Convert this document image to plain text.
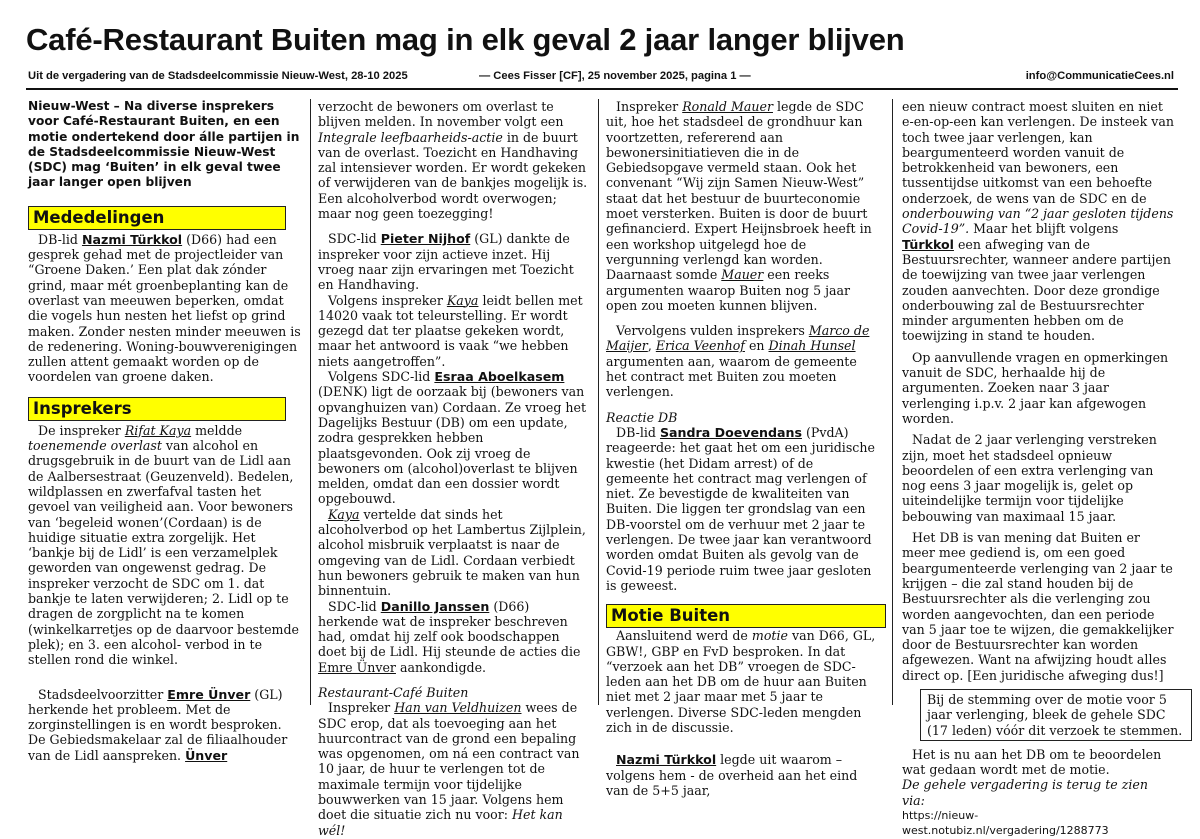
Café-Restaurant Buiten mag in elk geval 2 jaar langer blijven
Uit de vergadering van de Stadsdeelcommissie Nieuw-West, 28-10 2025	— Cees Fisser [CF], 25 november 2025, pagina 1 —	info@CommunicatieCees.nl

Nieuw-West – Na diverse insprekers voor Café-Restaurant Buiten, en een motie ondertekend door álle partijen in de Stadsdeelcommissie Nieuw-West (SDC) mag ‘Buiten’ in elk geval twee jaar langer open blijven

Mededelingen

DB-lid Nazmi Türkkol (D66) had een gesprek gehad met de projectleider van “Groene Daken.’ Een plat dak zónder grind, maar mét groenbeplanting kan de overlast van meeuwen beperken, omdat die vogels hun nesten het liefst op grind maken. Zonder nesten minder meeuwen is de redenering. Woning-bouwverenigingen zullen attent gemaakt worden op de voordelen van groene daken.

Insprekers

De inspreker Rifat Kaya meldde toenemende overlast van alcohol en drugsgebruik in de buurt van de Lidl aan de Aalbersestraat (Geuzenveld). Bedelen, wildplassen en zwerfafval tasten het gevoel van veiligheid aan. Voor bewoners van ‘begeleid wonen’(Cordaan) is de huidige situatie extra zorgelijk. Het ‘bankje bij de Lidl’ is een verzamelplek geworden van ongewenst gedrag. De inspreker verzocht de SDC om 1. dat bankje te laten verwijderen; 2. Lidl op te dragen de zorgplicht na te komen (winkelkarretjes op de daarvoor bestemde plek); en 3. een alcohol- verbod in te stellen rond die winkel.

Stadsdeelvoorzitter Emre Ünver (GL) herkende het probleem. Met de zorginstellingen is en wordt besproken. De Gebiedsmakelaar zal de filiaalhouder van de Lidl aanspreken. Ünver

verzocht de bewoners om overlast te blijven melden. In november volgt een Integrale leefbaarheids-actie in de buurt van de overlast. Toezicht en Handhaving zal intensiever worden. Er wordt gekeken of verwijderen van de bankjes mogelijk is. Een alcoholverbod wordt overwogen; maar nog geen toezegging!

SDC-lid Pieter Nijhof (GL) dankte de inspreker voor zijn actieve inzet. Hij vroeg naar zijn ervaringen met Toezicht en Handhaving.

Volgens inspreker Kaya leidt bellen met 14020 vaak tot teleurstelling. Er wordt gezegd dat ter plaatse gekeken wordt, maar het antwoord is vaak “we hebben niets aangetroffen”.

Volgens SDC-lid Esraa Aboelkasem (DENK) ligt de oorzaak bij (bewoners van opvanghuizen van) Cordaan. Ze vroeg het Dagelijks Bestuur (DB) om een update, zodra gesprekken hebben plaatsgevonden. Ook zij vroeg de bewoners om (alcohol)overlast te blijven melden, omdat dan een dossier wordt opgebouwd.

Kaya vertelde dat sinds het alcoholverbod op het Lambertus Zijlplein, alcohol misbruik verplaatst is naar de omgeving van de Lidl. Cordaan verbiedt hun bewoners gebruik te maken van hun binnentuin.

SDC-lid Danillo Janssen (D66) herkende wat de inspreker beschreven had, omdat hij zelf ook boodschappen doet bij de Lidl. Hij steunde de acties die Emre Ünver aankondigde.

Restaurant-Café Buiten

Inspreker Han van Veldhuizen wees de SDC erop, dat als toevoeging aan het huurcontract van de grond een bepaling was opgenomen, om ná een contract van 10 jaar, de huur te verlengen tot de maximale termijn voor tijdelijke bouwwerken van 15 jaar. Volgens hem doet die situatie zich nu voor: Het kan wél!

Inspreker Ronald Mauer legde de SDC uit, hoe het stadsdeel de grondhuur kan voortzetten, refererend aan bewonersinitiatieven die in de Gebiedsopgave vermeld staan. Ook het convenant “Wij zijn Samen Nieuw-West” staat dat het bestuur de buurteconomie moet versterken. Buiten is door de buurt gefinancierd. Expert Heijnsbroek heeft in een workshop uitgelegd hoe de vergunning verlengd kan worden. Daarnaast somde Mauer een reeks argumenten waarop Buiten nog 5 jaar open zou moeten kunnen blijven.

Vervolgens vulden insprekers Marco de Maijer, Erica Veenhof en Dinah Hunsel argumenten aan, waarom de gemeente het contract met Buiten zou moeten verlengen.

Reactie DB

DB-lid Sandra Doevendans (PvdA) reageerde: het gaat het om een juridische kwestie (het Didam arrest) of de gemeente het contract mag verlengen of niet. Ze bevestigde de kwaliteiten van Buiten. Die liggen ter grondslag van een DB-voorstel om de verhuur met 2 jaar te verlengen. De twee jaar kan verantwoord worden omdat Buiten als gevolg van de Covid-19 periode ruim twee jaar gesloten is geweest.

Motie Buiten

Aansluitend werd de motie van D66, GL, GBW!, GBP en FvD besproken. In dat “verzoek aan het DB” vroegen de SDC-leden aan het DB om de huur aan Buiten niet met 2 jaar maar met 5 jaar te verlengen. Diverse SDC-leden mengden zich in de discussie.

Nazmi Türkkol legde uit waarom – volgens hem - de overheid aan het eind van de 5+5 jaar,

een nieuw contract moest sluiten en niet e-en-op-een kan verlengen. De insteek van toch twee jaar verlengen, kan beargumenteerd worden vanuit de betrokkenheid van bewoners, een tussentijdse uitkomst van een behoefte onderzoek, de wens van de SDC en de onderbouwing van “2 jaar gesloten tijdens Covid-19”. Maar het blijft volgens Türkkol een afweging van de Bestuursrechter, wanneer andere partijen de toewijzing van twee jaar verlengen zouden aanvechten. Door deze grondige onderbouwing zal de Bestuursrechter minder argumenten hebben om de toewijzing in stand te houden.

Op aanvullende vragen en opmerkingen vanuit de SDC, herhaalde hij de argumenten. Zoeken naar 3 jaar verlenging i.p.v. 2 jaar kan afgewogen worden.

Nadat de 2 jaar verlenging verstreken zijn, moet het stadsdeel opnieuw beoordelen of een extra verlenging van nog eens 3 jaar mogelijk is, gelet op uiteindelijke termijn voor tijdelijke bebouwing van maximaal 15 jaar.

Het DB is van mening dat Buiten er meer mee gediend is, om een goed beargumenteerde verlenging van 2 jaar te krijgen – die zal stand houden bij de Bestuursrechter als die verlenging zou worden aangevochten, dan een periode van 5 jaar toe te wijzen, die gemakkelijker door de Bestuursrechter kan worden afgewezen. Want na afwijzing houdt alles direct op. [Een juridische afweging dus!]

Bij de stemming over de motie voor 5 jaar verlenging, bleek de gehele SDC (17 leden) vóór dit verzoek te stemmen.

Het is nu aan het DB om te beoordelen wat gedaan wordt met de motie.

De gehele vergadering is terug te zien via:

https://nieuw-west.notubiz.nl/vergadering/1288773
